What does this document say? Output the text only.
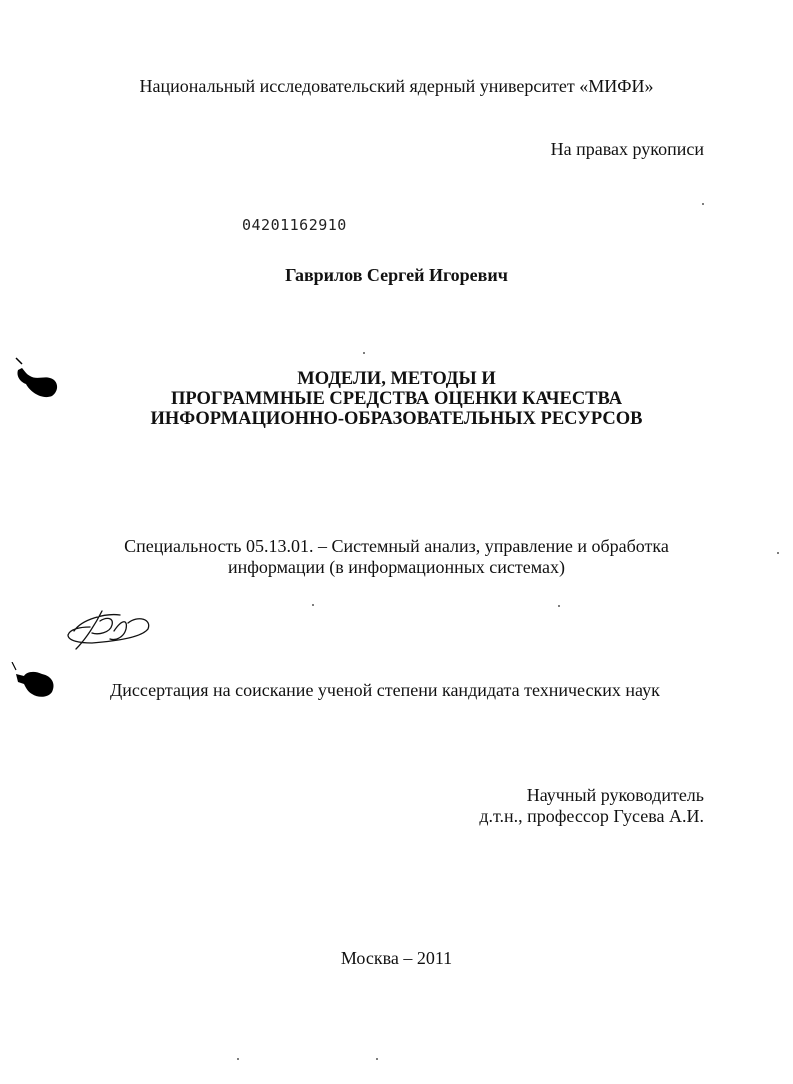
Национальный исследовательский ядерный университет «МИФИ»
На правах рукописи
04201162910
Гаврилов Сергей Игоревич
МОДЕЛИ, МЕТОДЫ И
ПРОГРАММНЫЕ СРЕДСТВА ОЦЕНКИ КАЧЕСТВА
ИНФОРМАЦИОННО-ОБРАЗОВАТЕЛЬНЫХ РЕСУРСОВ
Специальность 05.13.01. – Системный анализ, управление и обработка
информации (в информационных системах)
Диссертация на соискание ученой степени кандидата технических наук
Научный руководитель
д.т.н., профессор Гусева А.И.
Москва – 2011
